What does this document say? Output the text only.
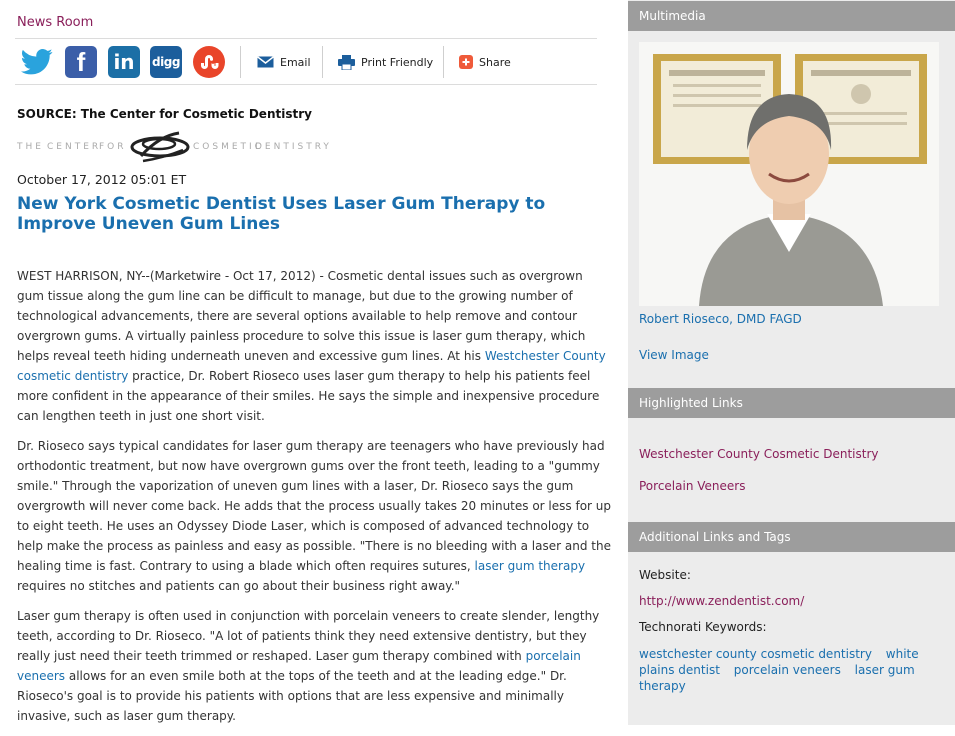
News Room
f in digg	Email	Print Friendly	Share
SOURCE: The Center for Cosmetic Dentistry
THE CENTER
FOR	COSMETIC
DENTISTRY
October 17, 2012 05:01 ET
New York Cosmetic Dentist Uses Laser Gum Therapy to Improve Uneven Gum Lines

WEST HARRISON, NY--(Marketwire - Oct 17, 2012) - Cosmetic dental issues such as overgrown gum tissue along the gum line can be difficult to manage, but due to the growing number of technological advancements, there are several options available to help remove and contour overgrown gums. A virtually painless procedure to solve this issue is laser gum therapy, which helps reveal teeth hiding underneath uneven and excessive gum lines. At his Westchester County cosmetic dentistry practice, Dr. Robert Rioseco uses laser gum therapy to help his patients feel more confident in the appearance of their smiles. He says the simple and inexpensive procedure can lengthen teeth in just one short visit.

Dr. Rioseco says typical candidates for laser gum therapy are teenagers who have previously had orthodontic treatment, but now have overgrown gums over the front teeth, leading to a "gummy smile." Through the vaporization of uneven gum lines with a laser, Dr. Rioseco says the gum overgrowth will never come back. He adds that the process usually takes 20 minutes or less for up to eight teeth. He uses an Odyssey Diode Laser, which is composed of advanced technology to help make the process as painless and easy as possible. "There is no bleeding with a laser and the healing time is fast. Contrary to using a blade which often requires sutures, laser gum therapy requires no stitches and patients can go about their business right away."

Laser gum therapy is often used in conjunction with porcelain veneers to create slender, lengthy teeth, according to Dr. Rioseco. "A lot of patients think they need extensive dentistry, but they really just need their teeth trimmed or reshaped. Laser gum therapy combined with porcelain veneers allows for an even smile both at the tops of the teeth and at the leading edge." Dr. Rioseco's goal is to provide his patients with options that are less expensive and minimally invasive, such as laser gum therapy.

Multimedia
Robert Rioseco, DMD FAGD
View Image
Highlighted Links
Westchester County Cosmetic Dentistry
Porcelain Veneers
Additional Links and Tags
Website:
http://www.zendentist.com/
Technorati Keywords:
westchester county cosmetic dentistry white plains dentist porcelain veneers laser gum therapy
